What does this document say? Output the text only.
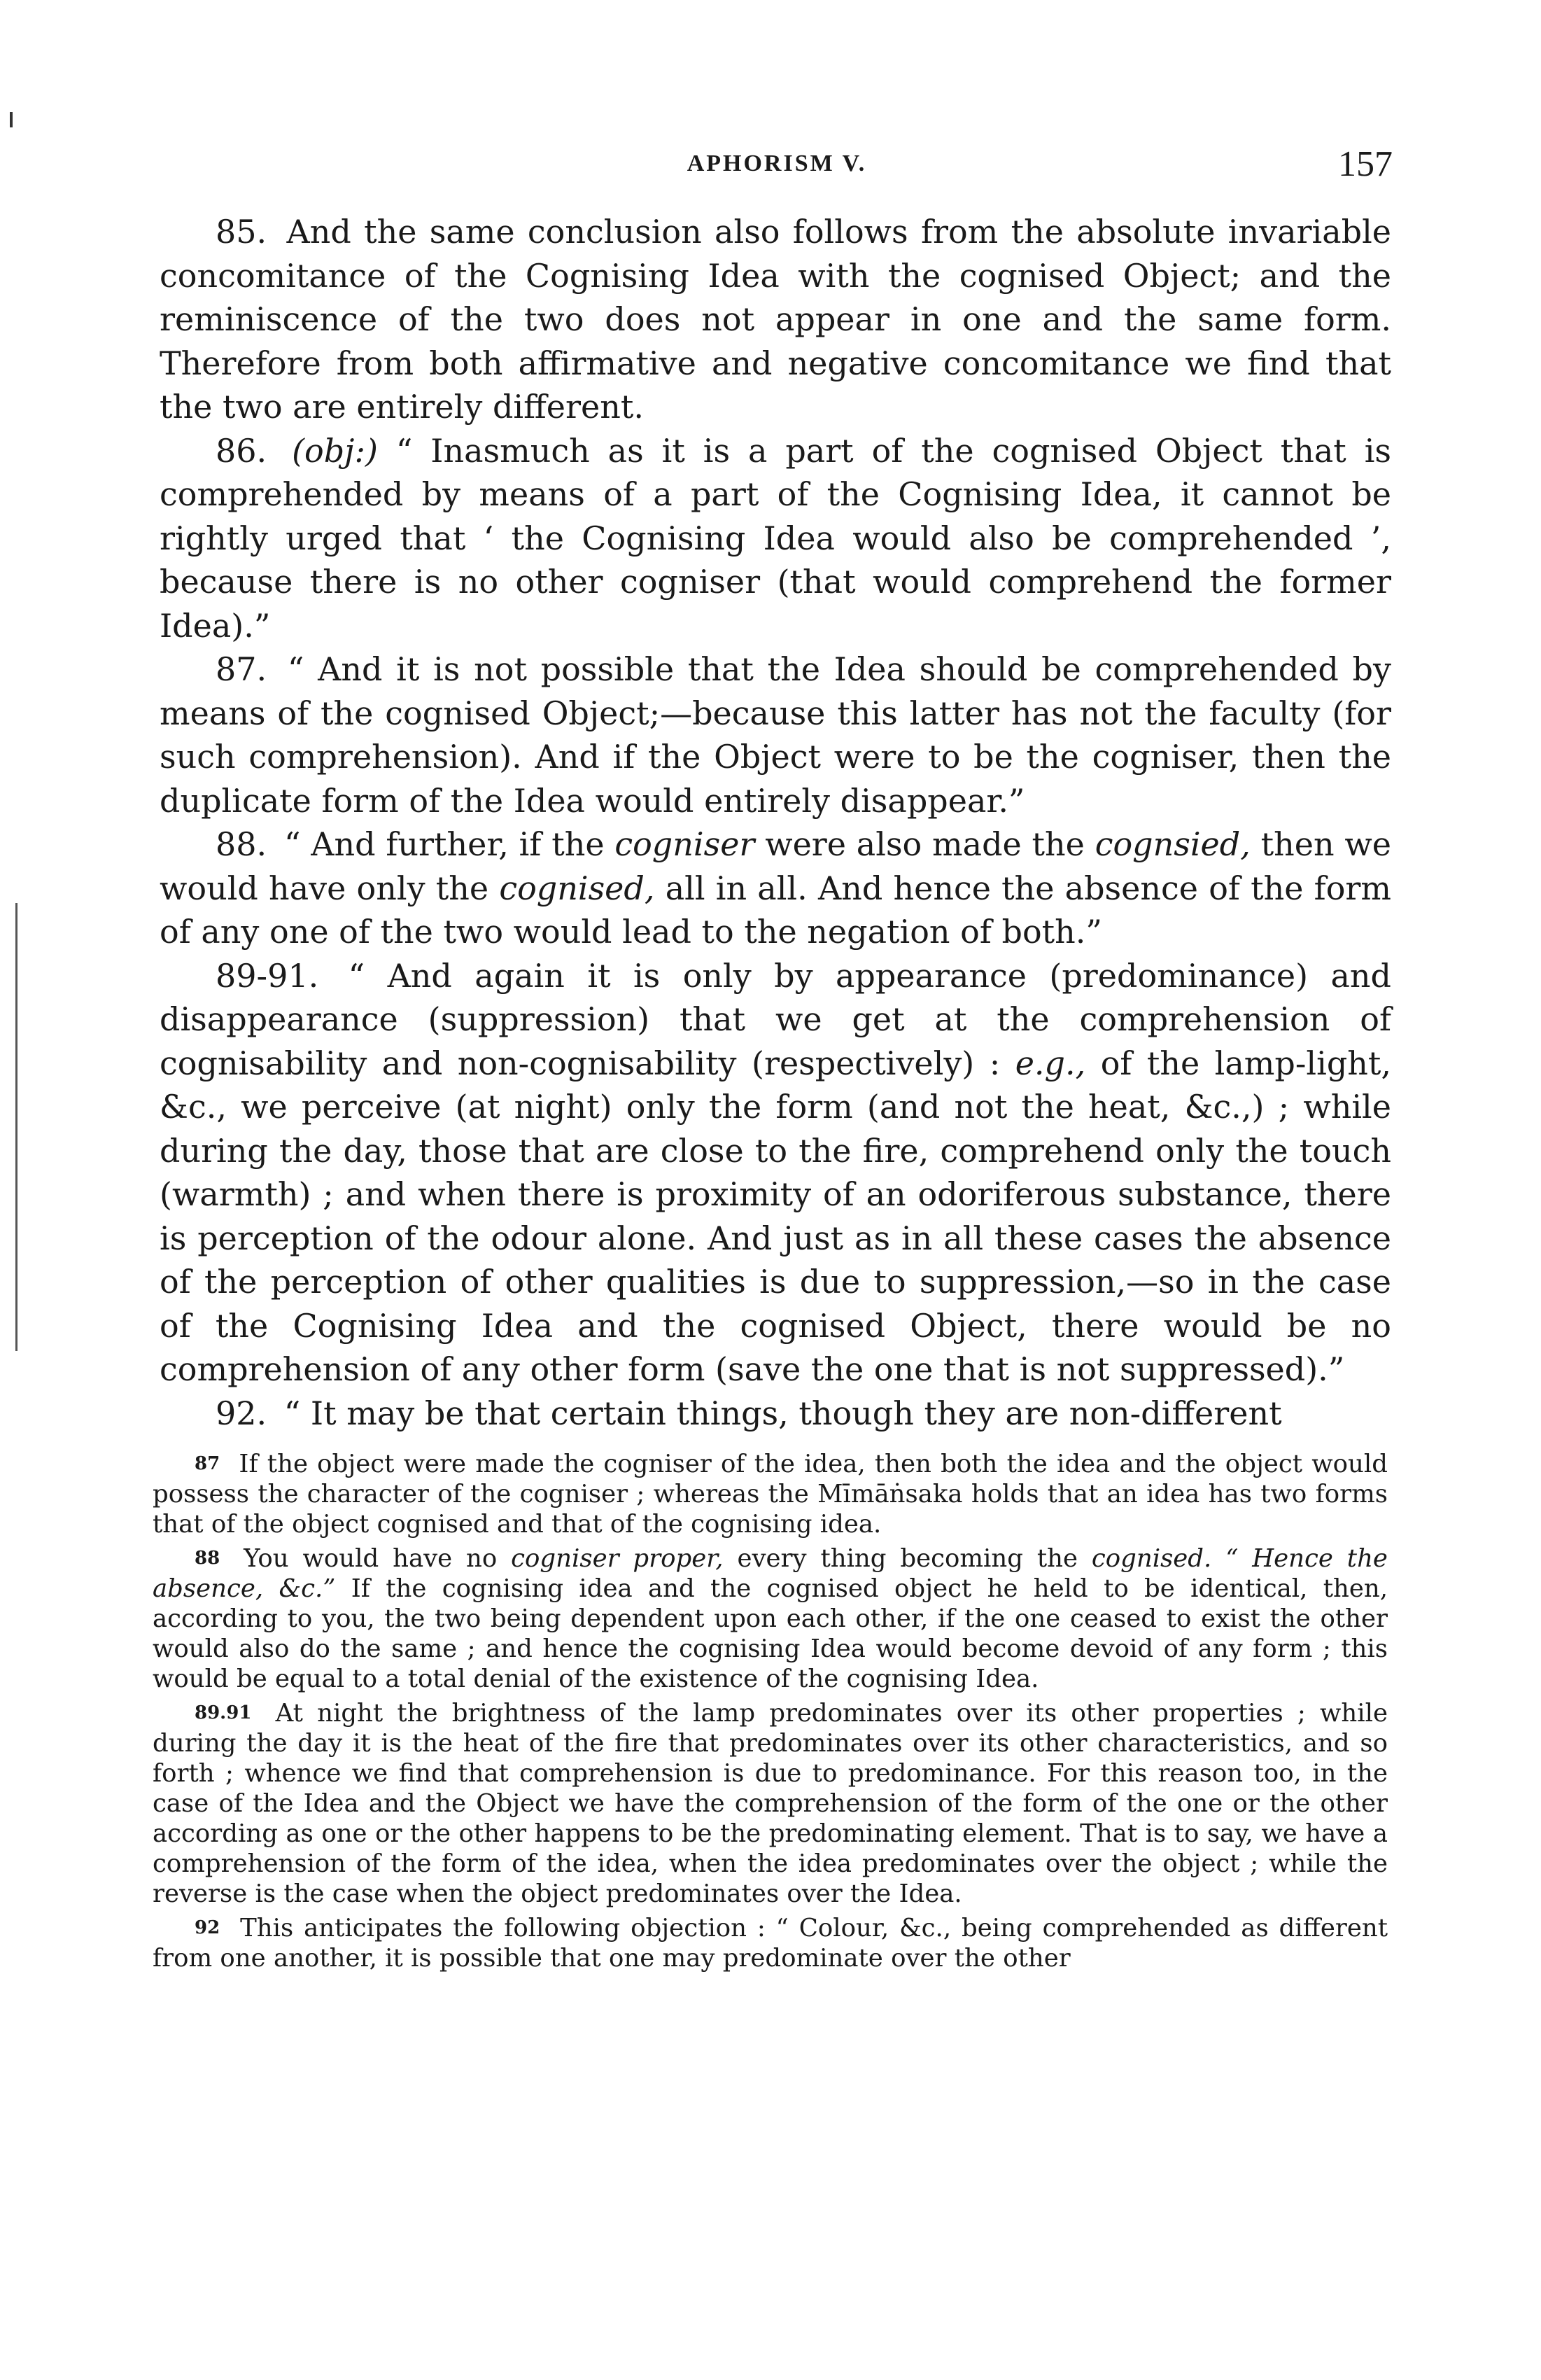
APHORISM V.	157

85. And the same conclusion also follows from the absolute invariable concomitance of the Cognising Idea with the cognised Object; and the reminiscence of the two does not appear in one and the same form. Therefore from both affirmative and negative concomitance we find that the two are entirely different.

86. (obj:) “ Inasmuch as it is a part of the cognised Object that is comprehended by means of a part of the Cognising Idea, it cannot be rightly urged that ‘ the Cognising Idea would also be comprehended ’, because there is no other cogniser (that would comprehend the former Idea).”

87. “ And it is not possible that the Idea should be comprehended by means of the cognised Object;—because this latter has not the faculty (for such comprehension). And if the Object were to be the cogniser, then the duplicate form of the Idea would entirely disappear.”

88. “ And further, if the cogniser were also made the cognsied, then we would have only the cognised, all in all. And hence the absence of the form of any one of the two would lead to the negation of both.”

89-91. “ And again it is only by appearance (predominance) and disappearance (suppression) that we get at the comprehension of cognisability and non-cognisability (respectively) : e.g., of the lamp-light, &c., we perceive (at night) only the form (and not the heat, &c.,) ; while during the day, those that are close to the fire, comprehend only the touch (warmth) ; and when there is proximity of an odoriferous substance, there is perception of the odour alone. And just as in all these cases the absence of the perception of other qualities is due to suppression,—so in the case of the Cognising Idea and the cognised Object, there would be no comprehension of any other form (save the one that is not suppressed).”

92. “ It may be that certain things, though they are non-different

$^{87}$ If the object were made the cogniser of the idea, then both the idea and the object would possess the character of the cogniser ; whereas the Mīmāṅsaka holds that an idea has two forms that of the object cognised and that of the cognising idea.

$^{88}$ You would have no cogniser proper, every thing becoming the cognised. “ Hence the absence, &c.” If the cognising idea and the cognised object he held to be identical, then, according to you, the two being dependent upon each other, if the one ceased to exist the other would also do the same ; and hence the cognising Idea would become devoid of any form ; this would be equal to a total denial of the existence of the cognising Idea.

$^{89.91}$ At night the brightness of the lamp predominates over its other properties ; while during the day it is the heat of the fire that predominates over its other characteristics, and so forth ; whence we find that comprehension is due to predominance. For this reason too, in the case of the Idea and the Object we have the comprehension of the form of the one or the other according as one or the other happens to be the predominating element. That is to say, we have a comprehension of the form of the idea, when the idea predominates over the object ; while the reverse is the case when the object predominates over the Idea.

$^{92}$ This anticipates the following objection : “ Colour, &c., being comprehended as different from one another, it is possible that one may predominate over the other
